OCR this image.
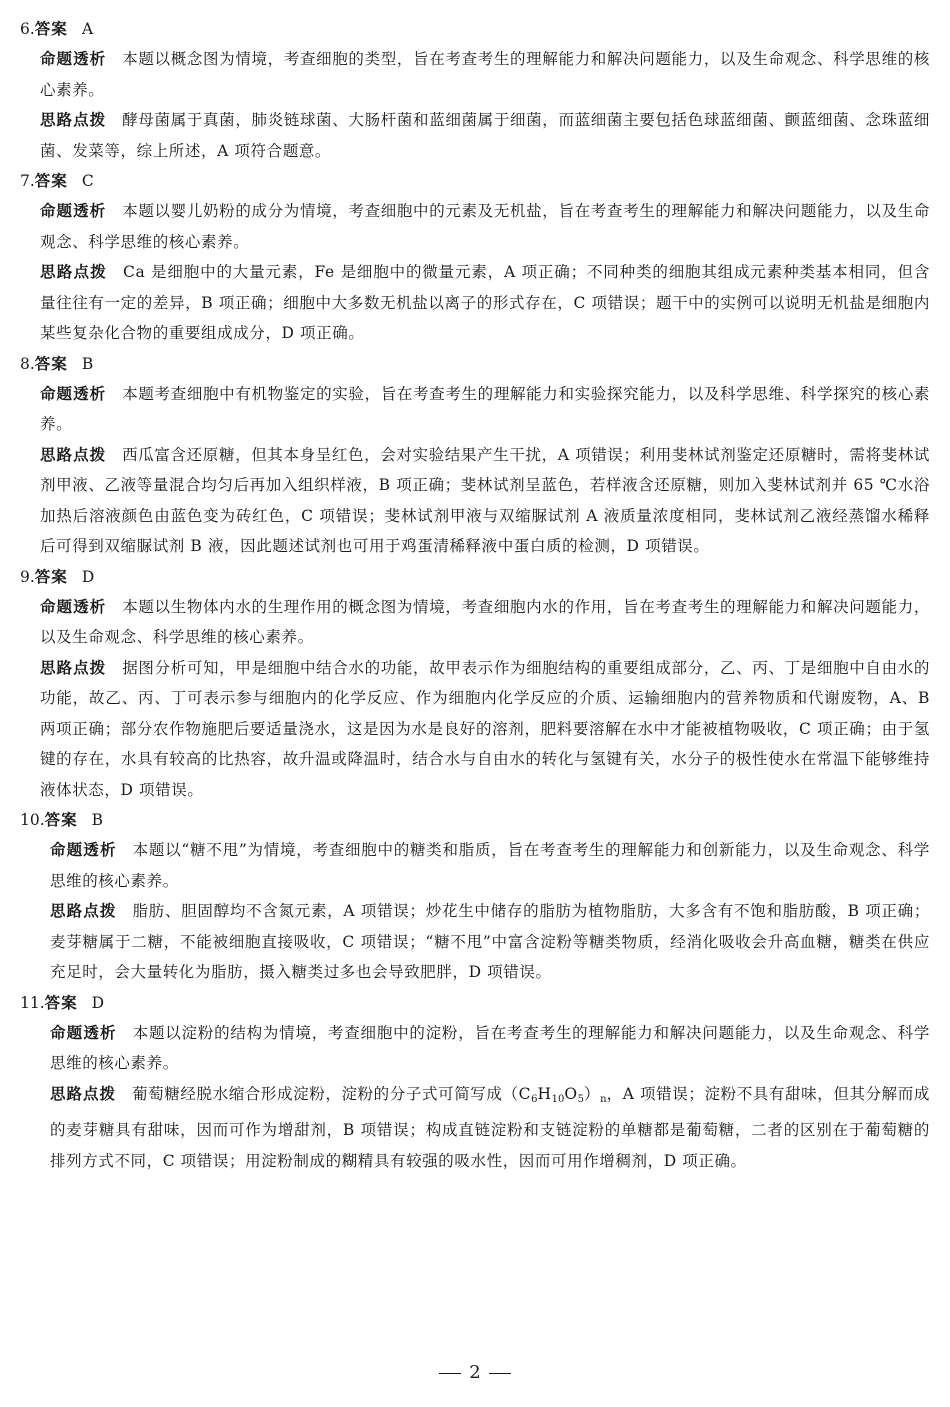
6.答案 A

命题透析 本题以概念图为情境，考查细胞的类型，旨在考查考生的理解能力和解决问题能力，以及生命观念、科学思维的核心素养。

思路点拨 酵母菌属于真菌，肺炎链球菌、大肠杆菌和蓝细菌属于细菌，而蓝细菌主要包括色球蓝细菌、颤蓝细菌、念珠蓝细菌、发菜等，综上所述，A 项符合题意。

7.答案 C

命题透析 本题以婴儿奶粉的成分为情境，考查细胞中的元素及无机盐，旨在考查考生的理解能力和解决问题能力，以及生命观念、科学思维的核心素养。

思路点拨 Ca 是细胞中的大量元素，Fe 是细胞中的微量元素，A 项正确；不同种类的细胞其组成元素种类基本相同，但含量往往有一定的差异，B 项正确；细胞中大多数无机盐以离子的形式存在，C 项错误；题干中的实例可以说明无机盐是细胞内某些复杂化合物的重要组成成分，D 项正确。

8.答案 B

命题透析 本题考查细胞中有机物鉴定的实验，旨在考查考生的理解能力和实验探究能力，以及科学思维、科学探究的核心素养。

思路点拨 西瓜富含还原糖，但其本身呈红色，会对实验结果产生干扰，A 项错误；利用斐林试剂鉴定还原糖时，需将斐林试剂甲液、乙液等量混合均匀后再加入组织样液，B 项正确；斐林试剂呈蓝色，若样液含还原糖，则加入斐林试剂并 65 ℃水浴加热后溶液颜色由蓝色变为砖红色，C 项错误；斐林试剂甲液与双缩脲试剂 A 液质量浓度相同，斐林试剂乙液经蒸馏水稀释后可得到双缩脲试剂 B 液，因此题述试剂也可用于鸡蛋清稀释液中蛋白质的检测，D 项错误。

9.答案 D

命题透析 本题以生物体内水的生理作用的概念图为情境，考查细胞内水的作用，旨在考查考生的理解能力和解决问题能力，以及生命观念、科学思维的核心素养。

思路点拨 据图分析可知，甲是细胞中结合水的功能，故甲表示作为细胞结构的重要组成部分，乙、丙、丁是细胞中自由水的功能，故乙、丙、丁可表示参与细胞内的化学反应、作为细胞内化学反应的介质、运输细胞内的营养物质和代谢废物，A、B 两项正确；部分农作物施肥后要适量浇水，这是因为水是良好的溶剂，肥料要溶解在水中才能被植物吸收，C 项正确；由于氢键的存在，水具有较高的比热容，故升温或降温时，结合水与自由水的转化与氢键有关，水分子的极性使水在常温下能够维持液体状态，D 项错误。

10.答案 B

命题透析 本题以“糖不甩”为情境，考查细胞中的糖类和脂质，旨在考查考生的理解能力和创新能力，以及生命观念、科学思维的核心素养。

思路点拨 脂肪、胆固醇均不含氮元素，A 项错误；炒花生中储存的脂肪为植物脂肪，大多含有不饱和脂肪酸，B 项正确；麦芽糖属于二糖，不能被细胞直接吸收，C 项错误；“糖不甩”中富含淀粉等糖类物质，经消化吸收会升高血糖，糖类在供应充足时，会大量转化为脂肪，摄入糖类过多也会导致肥胖，D 项错误。

11.答案 D

命题透析 本题以淀粉的结构为情境，考查细胞中的淀粉，旨在考查考生的理解能力和解决问题能力，以及生命观念、科学思维的核心素养。

思路点拨 葡萄糖经脱水缩合形成淀粉，淀粉的分子式可简写成$(C_6H_{10}O_5)_n$，A 项错误；淀粉不具有甜味，但其分解而成的麦芽糖具有甜味，因而可作为增甜剂，B 项错误；构成直链淀粉和支链淀粉的单糖都是葡萄糖，二者的区别在于葡萄糖的排列方式不同，C 项错误；用淀粉制成的糊精具有较强的吸水性，因而可用作增稠剂，D 项正确。

2
